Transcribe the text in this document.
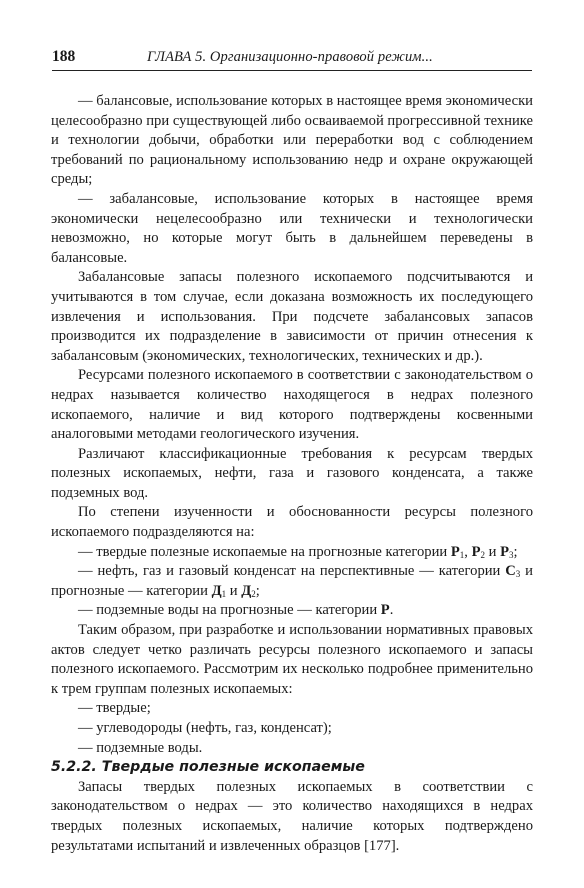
188	ГЛАВА 5. Организационно-правовой режим...

— балансовые, использование которых в настоящее время экономически целесообразно при существующей либо осваиваемой прогрессивной технике и технологии добычи, обработки или переработки вод с соблюдением требований по рациональному использованию недр и охране окружающей среды;

— забалансовые, использование которых в настоящее время экономически нецелесообразно или технически и технологически невозможно, но которые могут быть в дальнейшем переведены в балансовые.

Забалансовые запасы полезного ископаемого подсчитываются и учитываются в том случае, если доказана возможность их последующего извлечения и использования. При подсчете забалансовых запасов производится их подразделение в зависимости от причин отнесения к забалансовым (экономических, технологических, технических и др.).

Ресурсами полезного ископаемого в соответствии с законодательством о недрах называется количество находящегося в недрах полезного ископаемого, наличие и вид которого подтверждены косвенными аналоговыми методами геологического изучения.

Различают классификационные требования к ресурсам твердых полезных ископаемых, нефти, газа и газового конденсата, а также подземных вод.

По степени изученности и обоснованности ресурсы полезного ископаемого подразделяются на:

— твердые полезные ископаемые на прогнозные категории $P_1$, $P_2$ и $P_3$;

— нефть, газ и газовый конденсат на перспективные — категории $C_3$ и прогнозные — категории $Д_1$ и $Д_2$;

— подземные воды на прогнозные — категории P.

Таким образом, при разработке и использовании нормативных правовых актов следует четко различать ресурсы полезного ископаемого и запасы полезного ископаемого. Рассмотрим их несколько подробнее применительно к трем группам полезных ископаемых:

— твердые;

— углеводороды (нефть, газ, конденсат);

— подземные воды.

5.2.2. Твердые полезные ископаемые

Запасы твердых полезных ископаемых в соответствии с законодательством о недрах — это количество находящихся в недрах твердых полезных ископаемых, наличие которых подтверждено результатами испытаний и извлеченных образцов [177].
